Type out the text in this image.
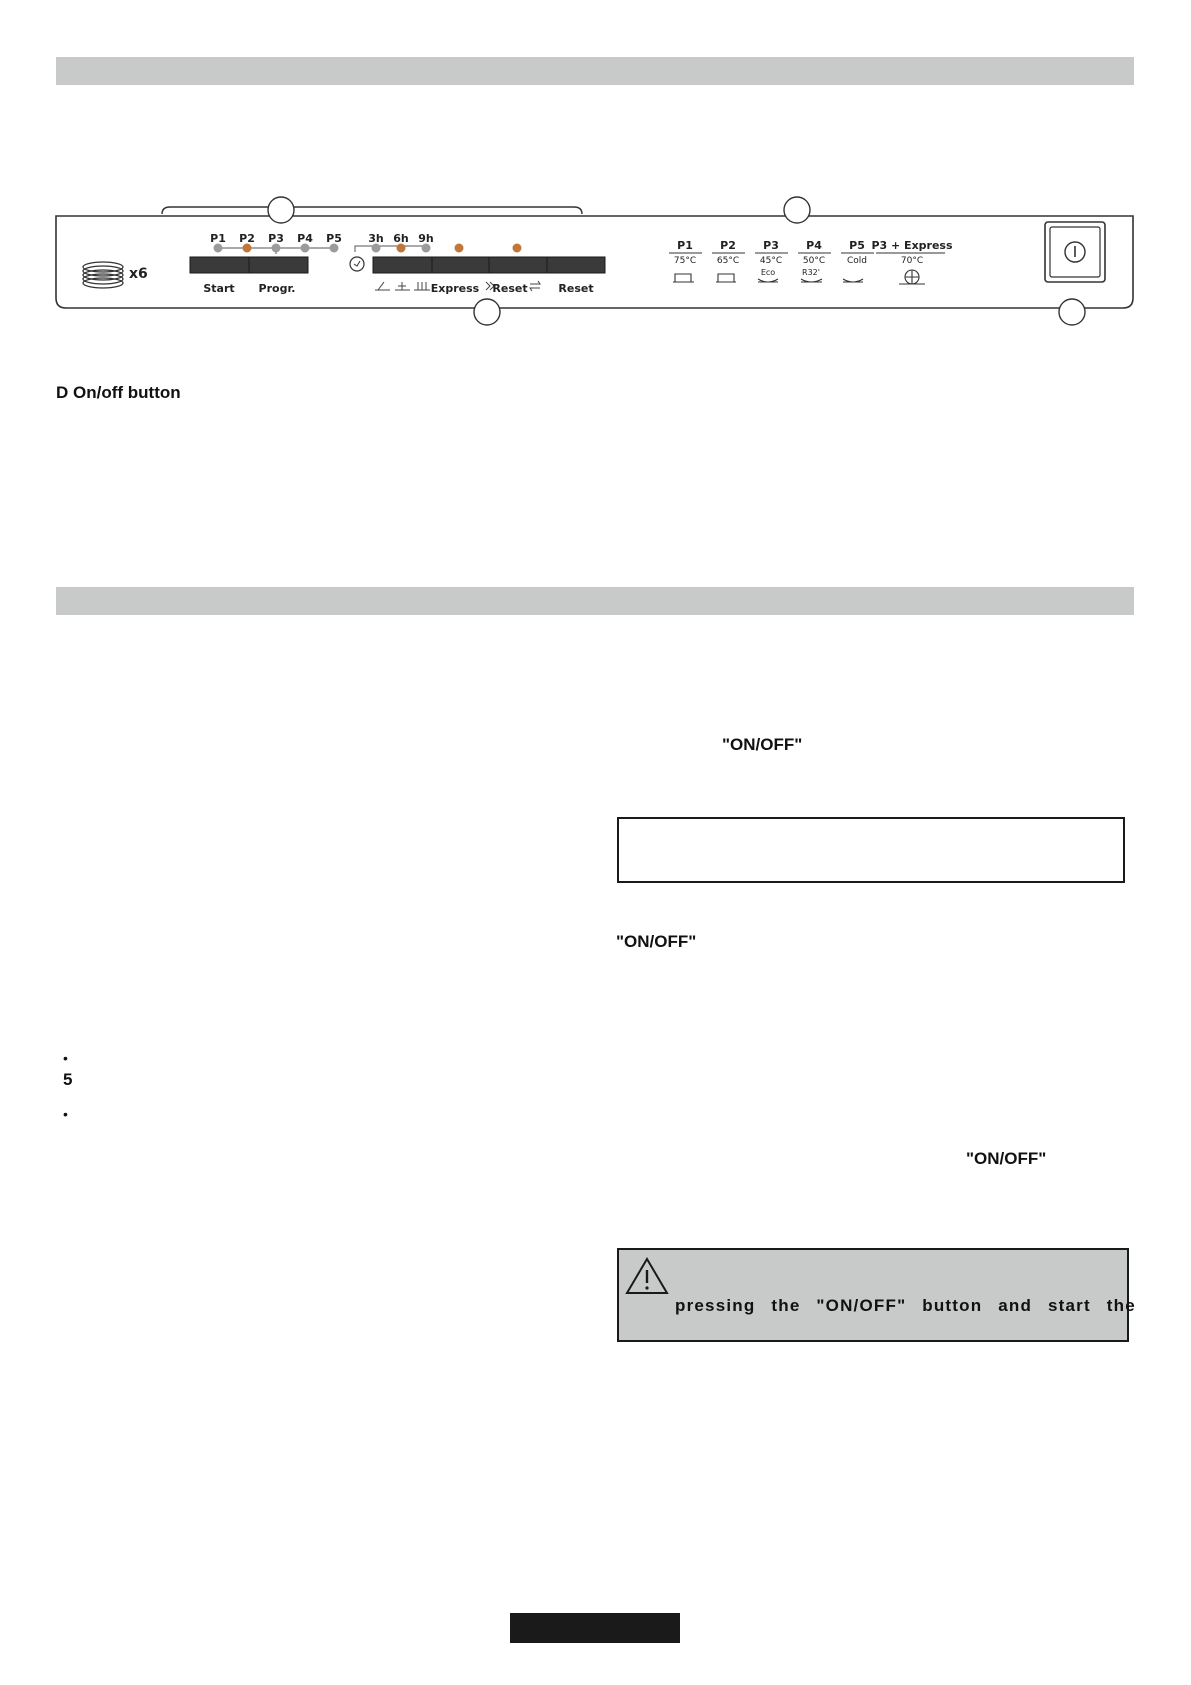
x6
P1 P2 P3 P4 P5 3h 6h 9h
Start Progr.	Express Reset	Reset
P1 P2 P3 P4 P5 P3 + Express
75°C 65°C 45°C 50°C Cold	70°C
Eco	R32'
D On/off button
"ON/OFF"
"ON/OFF"
•
5
•
"ON/OFF"
pressing the "ON/OFF" button and start the
